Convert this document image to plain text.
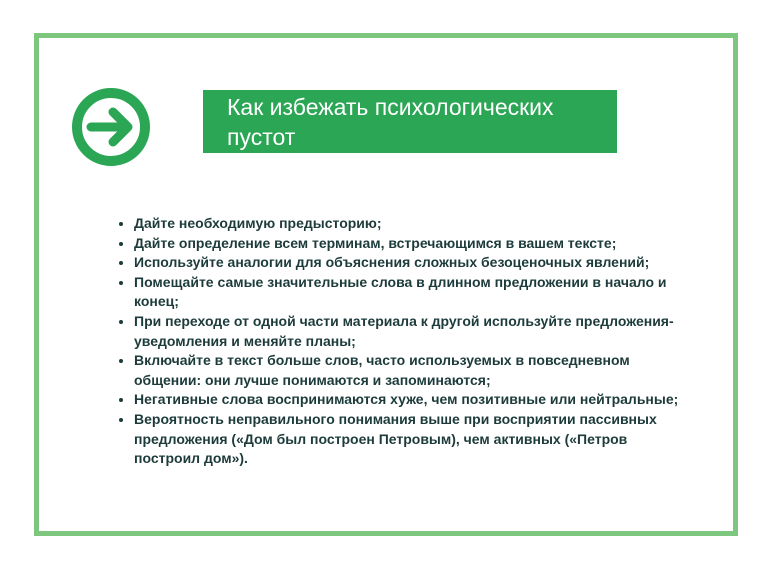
Как избежать психологических пустот
• Дайте необходимую предысторию;
• Дайте определение всем терминам, встречающимся в вашем тексте;
• Используйте аналогии для объяснения сложных безоценочных явлений;
• Помещайте самые значительные слова в длинном предложении в начало и конец;
• При переходе от одной части материала к другой используйте предложения-уведомления и меняйте планы;
• Включайте в текст больше слов, часто используемых в повседневном общении: они лучше понимаются и запоминаются;
• Негативные слова воспринимаются хуже, чем позитивные или нейтральные;
• Вероятность неправильного понимания выше при восприятии пассивных предложения («Дом был построен Петровым), чем активных («Петров построил дом»).
